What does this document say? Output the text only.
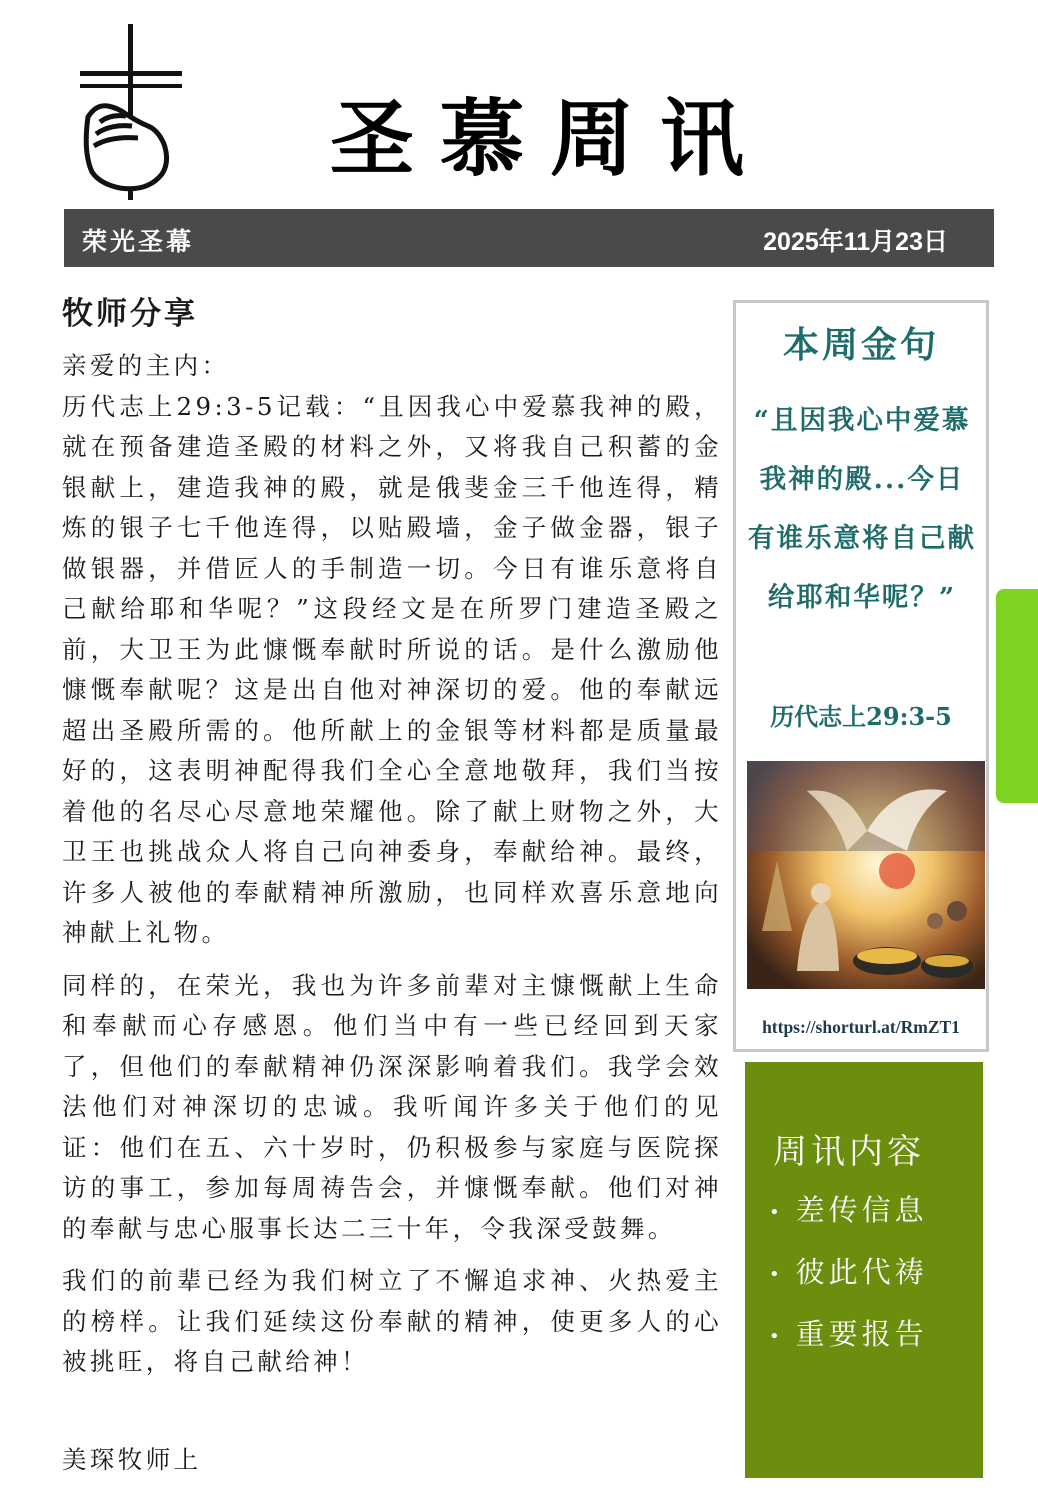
圣慕周讯
荣光圣幕	2025年11月23日
牧师分享

亲爱的主内：

历代志上29:3-5记载：“且因我心中爱慕我神的殿，就在预备建造圣殿的材料之外，又将我自己积蓄的金银献上，建造我神的殿，就是俄斐金三千他连得，精炼的银子七千他连得，以贴殿墙，金子做金器，银子做银器，并借匠人的手制造一切。今日有谁乐意将自己献给耶和华呢？”这段经文是在所罗门建造圣殿之前，大卫王为此慷慨奉献时所说的话。是什么激励他慷慨奉献呢？这是出自他对神深切的爱。他的奉献远超出圣殿所需的。他所献上的金银等材料都是质量最好的，这表明神配得我们全心全意地敬拜，我们当按着他的名尽心尽意地荣耀他。除了献上财物之外，大卫王也挑战众人将自己向神委身，奉献给神。最终，许多人被他的奉献精神所激励，也同样欢喜乐意地向神献上礼物。

同样的，在荣光，我也为许多前辈对主慷慨献上生命和奉献而心存感恩。他们当中有一些已经回到天家了，但他们的奉献精神仍深深影响着我们。我学会效法他们对神深切的忠诚。我听闻许多关于他们的见证：他们在五、六十岁时，仍积极参与家庭与医院探访的事工，参加每周祷告会，并慷慨奉献。他们对神的奉献与忠心服事长达二三十年，令我深受鼓舞。

我们的前辈已经为我们树立了不懈追求神、火热爱主的榜样。让我们延续这份奉献的精神，使更多人的心被挑旺，将自己献给神！

美琛牧师上

本周金句
“且因我心中爱慕我神的殿...今日有谁乐意将自己献给耶和华呢？”
历代志上29:3-5
https://shorturl.at/RmZT1
周讯内容
• 差传信息
• 彼此代祷
• 重要报告
